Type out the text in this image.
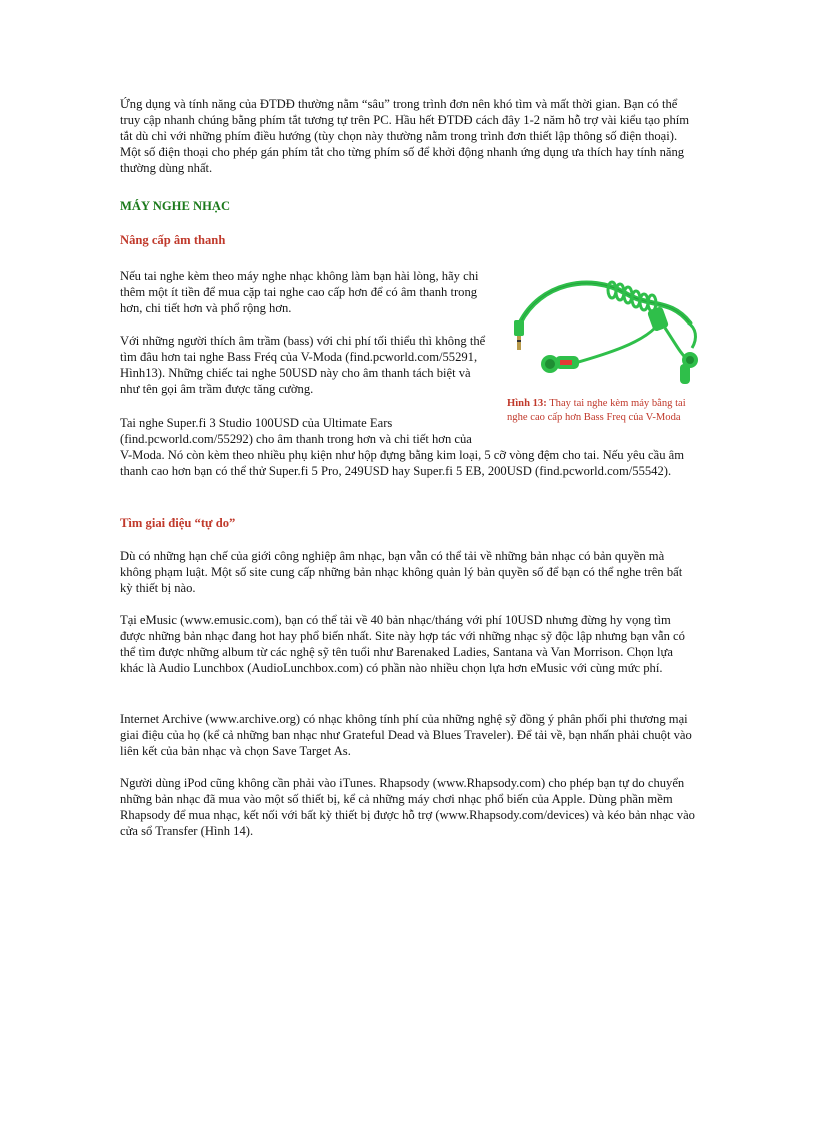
Ứng dụng và tính năng của ĐTDĐ thường nằm “sâu” trong trình đơn nên khó tìm và mất thời gian. Bạn có thể truy cập nhanh chúng bằng phím tắt tương tự trên PC. Hầu hết ĐTDĐ cách đây 1-2 năm hỗ trợ vài kiểu tạo phím tắt dù chỉ với những phím điều hướng (tùy chọn này thường nằm trong trình đơn thiết lập thông số điện thoại). Một số điện thoại cho phép gán phím tắt cho từng phím số để khởi động nhanh ứng dụng ưa thích hay tính năng thường dùng nhất.

MÁY NGHE NHẠC
Nâng cấp âm thanh

Nếu tai nghe kèm theo máy nghe nhạc không làm bạn hài lòng, hãy chi thêm một ít tiền để mua cặp tai nghe cao cấp hơn để có âm thanh trong hơn, chi tiết hơn và phổ rộng hơn.

Với những người thích âm trầm (bass) với chi phí tối thiểu thì không thể tìm đâu hơn tai nghe Bass Fréq của V-Moda (find.pcworld.com/55291, Hình13). Những chiếc tai nghe 50USD này cho âm thanh tách biệt và như tên gọi âm trầm được tăng cường.

Tai nghe Super.fi 3 Studio 100USD của Ultimate Ears (find.pcworld.com/55292) cho âm thanh trong hơn và chi tiết hơn của

V-Moda. Nó còn kèm theo nhiều phụ kiện như hộp đựng bằng kim loại, 5 cỡ vòng đệm cho tai. Nếu yêu cầu âm thanh cao hơn bạn có thể thử Super.fi 5 Pro, 249USD hay Super.fi 5 EB, 200USD (find.pcworld.com/55542).

Hình 13: Thay tai nghe kèm máy bằng tai nghe cao cấp hơn Bass Freq của V-Moda

Tìm giai điệu “tự do”

Dù có những hạn chế của giới công nghiệp âm nhạc, bạn vẫn có thể tải về những bản nhạc có bản quyền mà không phạm luật. Một số site cung cấp những bản nhạc không quản lý bản quyền số để bạn có thể nghe trên bất kỳ thiết bị nào.

Tại eMusic (www.emusic.com), bạn có thể tải về 40 bản nhạc/tháng với phí 10USD nhưng đừng hy vọng tìm được những bản nhạc đang hot hay phổ biến nhất. Site này hợp tác với những nhạc sỹ độc lập nhưng bạn vẫn có thể tìm được những album từ các nghệ sỹ tên tuổi như Barenaked Ladies, Santana và Van Morrison. Chọn lựa khác là Audio Lunchbox (AudioLunchbox.com) có phần nào nhiều chọn lựa hơn eMusic với cùng mức phí.

Internet Archive (www.archive.org) có nhạc không tính phí của những nghệ sỹ đồng ý phân phối phi thương mại giai điệu của họ (kể cả những ban nhạc như Grateful Dead và Blues Traveler). Để tải về, bạn nhấn phải chuột vào liên kết của bản nhạc và chọn Save Target As.

Người dùng iPod cũng không cần phải vào iTunes. Rhapsody (www.Rhapsody.com) cho phép bạn tự do chuyển những bản nhạc đã mua vào một số thiết bị, kể cả những máy chơi nhạc phổ biến của Apple. Dùng phần mềm Rhapsody để mua nhạc, kết nối với bất kỳ thiết bị được hỗ trợ (www.Rhapsody.com/devices) và kéo bản nhạc vào cửa sổ Transfer (Hình 14).
